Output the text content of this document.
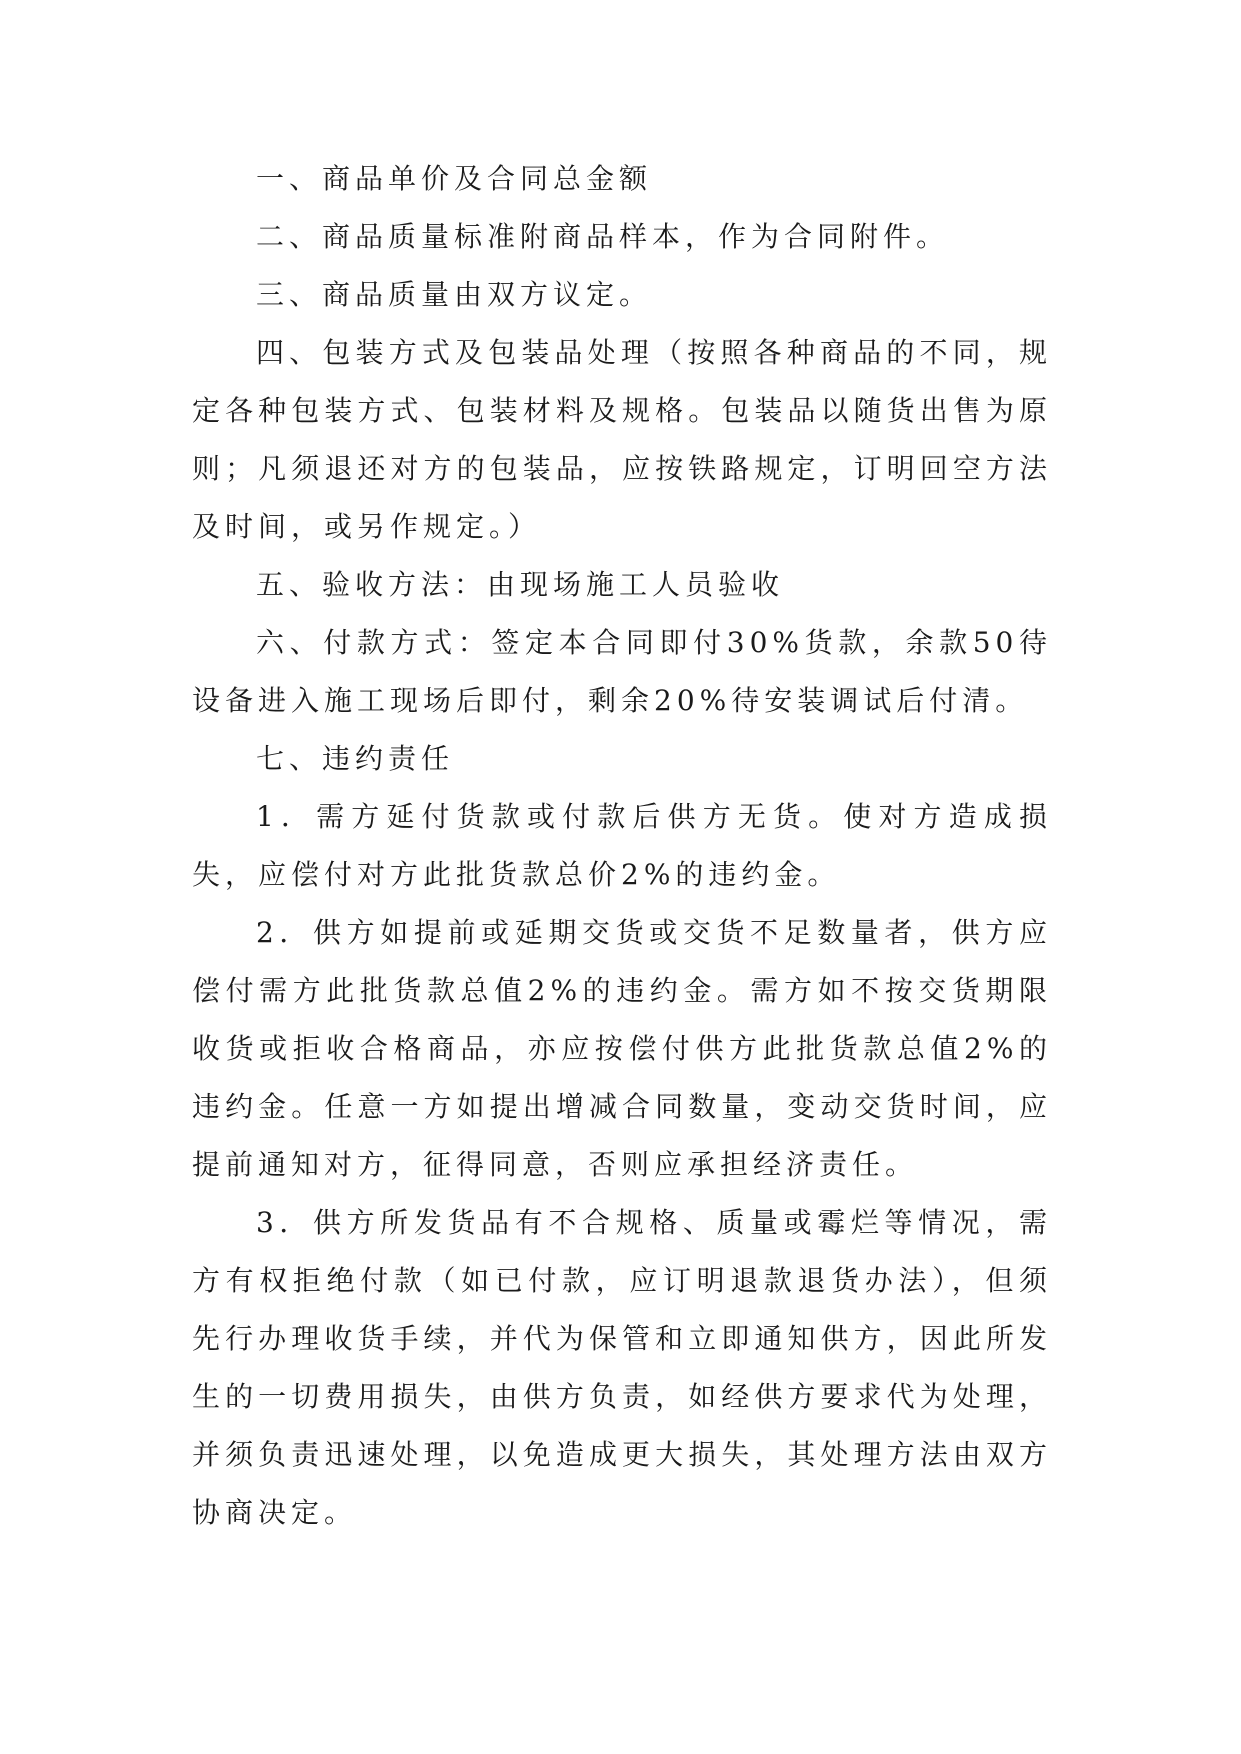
一、商品单价及合同总金额

二、商品质量标准附商品样本，作为合同附件。

三、商品质量由双方议定。

四、包装方式及包装品处理（按照各种商品的不同，规定各种包装方式、包装材料及规格。包装品以随货出售为原则；凡须退还对方的包装品，应按铁路规定，订明回空方法及时间，或另作规定。）

五、验收方法：由现场施工人员验收

六、付款方式：签定本合同即付30%货款，余款50待设备进入施工现场后即付，剩余20%待安装调试后付清。

七、违约责任

1．需方延付货款或付款后供方无货。使对方造成损失，应偿付对方此批货款总价2%的违约金。

2．供方如提前或延期交货或交货不足数量者，供方应偿付需方此批货款总值2%的违约金。需方如不按交货期限收货或拒收合格商品，亦应按偿付供方此批货款总值2%的违约金。任意一方如提出增减合同数量，变动交货时间，应提前通知对方，征得同意，否则应承担经济责任。

3．供方所发货品有不合规格、质量或霉烂等情况，需方有权拒绝付款（如已付款，应订明退款退货办法），但须先行办理收货手续，并代为保管和立即通知供方，因此所发生的一切费用损失，由供方负责，如经供方要求代为处理，并须负责迅速处理，以免造成更大损失，其处理方法由双方协商决定。
